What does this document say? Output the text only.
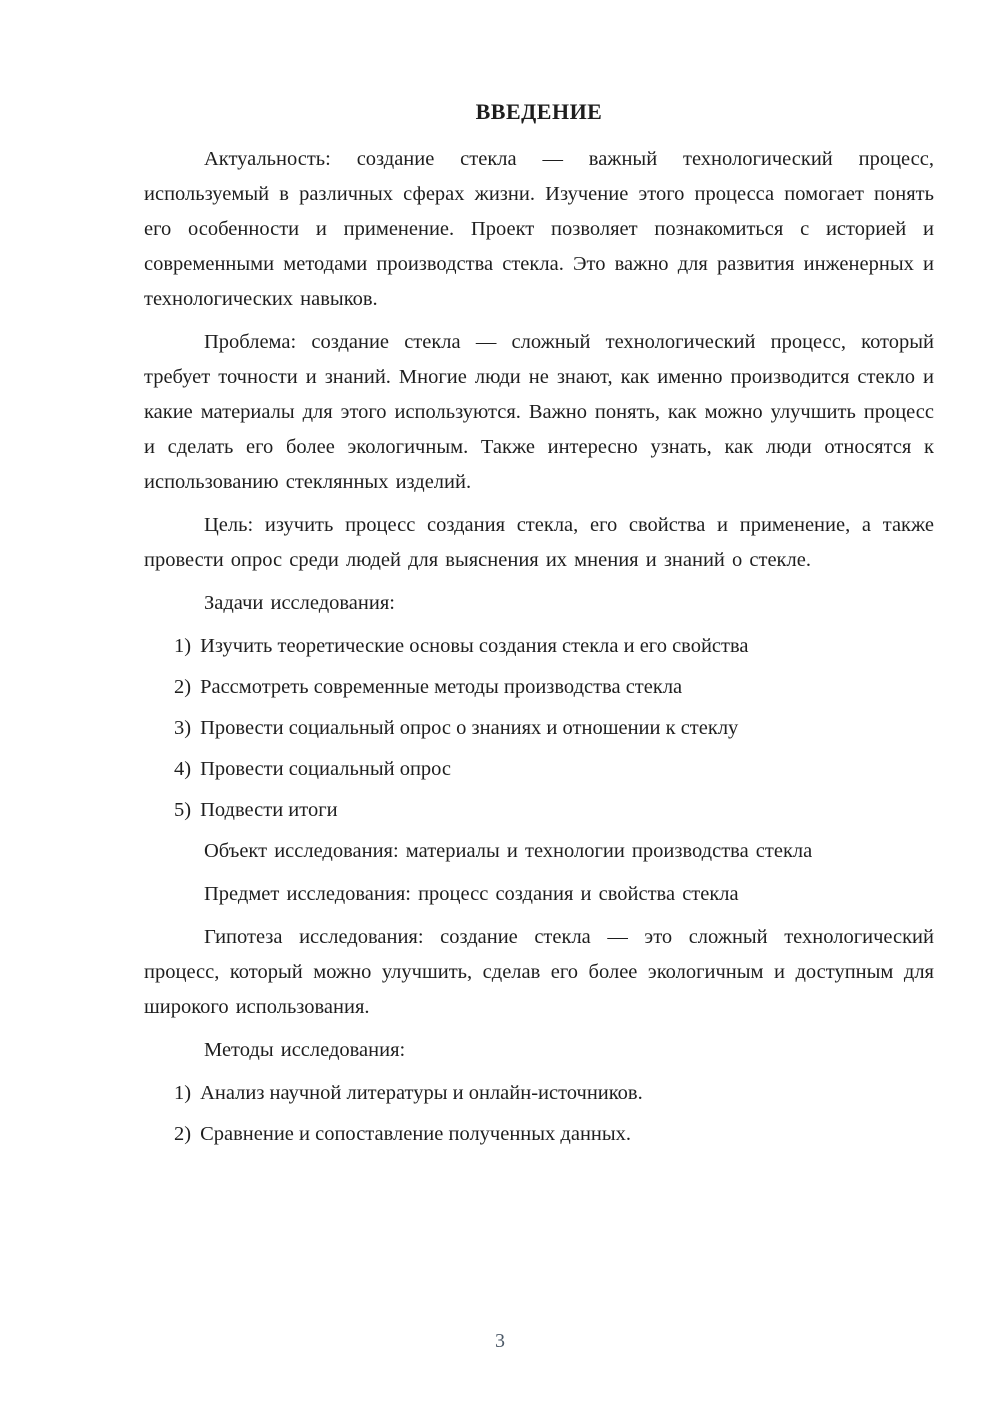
ВВЕДЕНИЕ

Актуальность: создание стекла — важный технологический процесс, используемый в различных сферах жизни. Изучение этого процесса помогает понять его особенности и применение. Проект позволяет познакомиться с историей и современными методами производства стекла. Это важно для развития инженерных и технологических навыков.

Проблема: создание стекла — сложный технологический процесс, который требует точности и знаний. Многие люди не знают, как именно производится стекло и какие материалы для этого используются. Важно понять, как можно улучшить процесс и сделать его более экологичным. Также интересно узнать, как люди относятся к использованию стеклянных изделий.

Цель: изучить процесс создания стекла, его свойства и применение, а также провести опрос среди людей для выяснения их мнения и знаний о стекле.

Задачи исследования:

1) Изучить теоретические основы создания стекла и его свойства
2) Рассмотреть современные методы производства стекла
3) Провести социальный опрос о знаниях и отношении к стеклу
4) Провести социальный опрос
5) Подвести итоги

Объект исследования: материалы и технологии производства стекла

Предмет исследования: процесс создания и свойства стекла

Гипотеза исследования: создание стекла — это сложный технологический процесс, который можно улучшить, сделав его более экологичным и доступным для широкого использования.

Методы исследования:

1) Анализ научной литературы и онлайн-источников.
2) Сравнение и сопоставление полученных данных.
3
